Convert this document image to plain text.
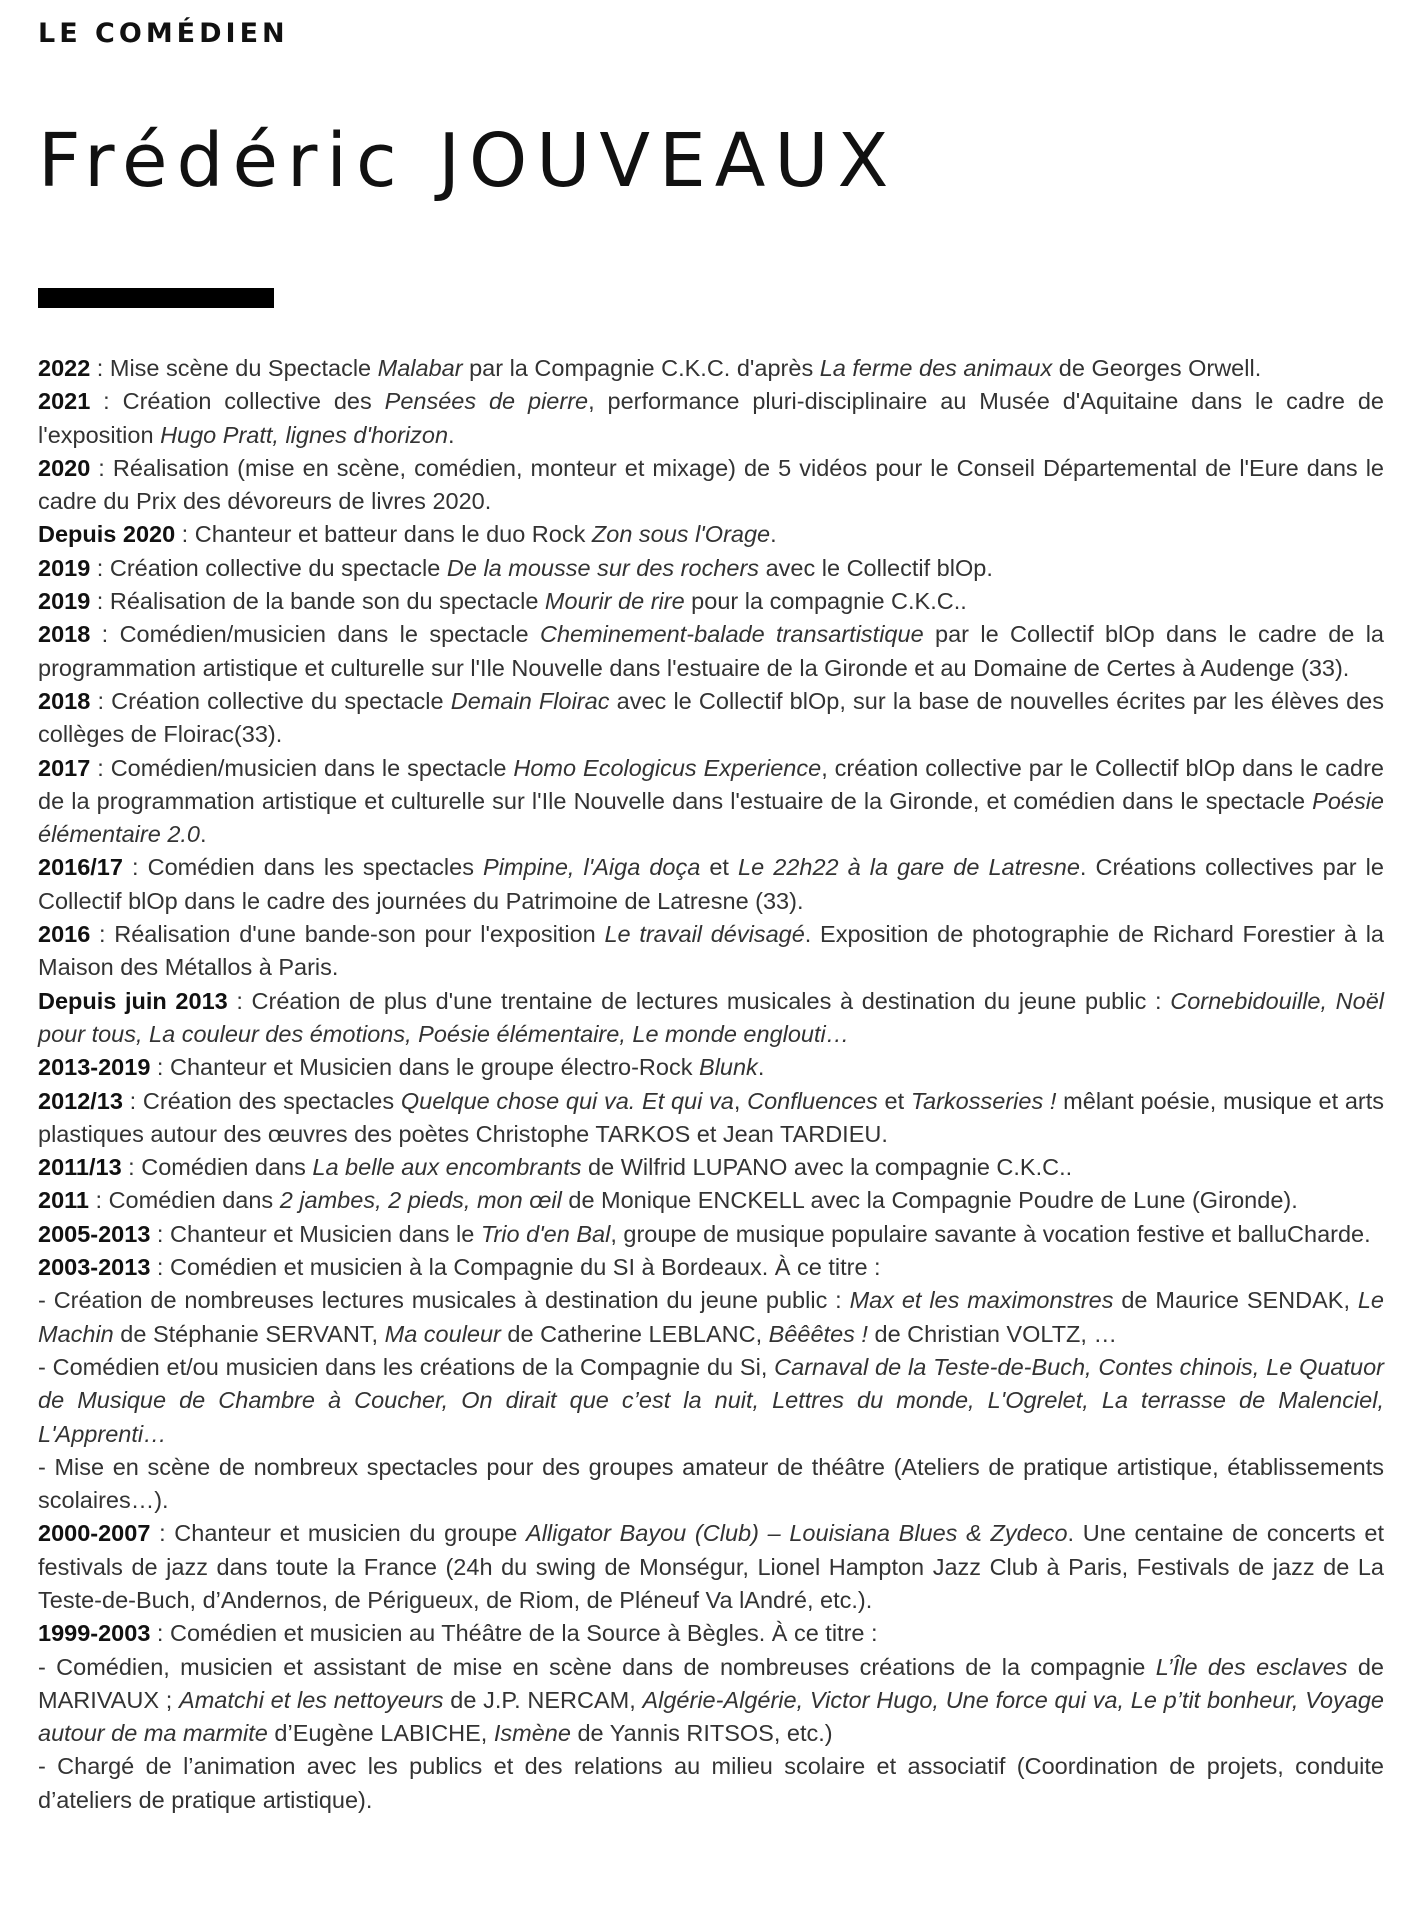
LE COMÉDIEN
Frédéric JOUVEAUX

2022 : Mise scène du Spectacle Malabar par la Compagnie C.K.C. d'après La ferme des animaux de Georges Orwell.

2021 : Création collective des Pensées de pierre, performance pluri-disciplinaire au Musée d'Aquitaine dans le cadre de l'exposition Hugo Pratt, lignes d'horizon.

2020 : Réalisation (mise en scène, comédien, monteur et mixage) de 5 vidéos pour le Conseil Départemental de l'Eure dans le cadre du Prix des dévoreurs de livres 2020.

Depuis 2020 : Chanteur et batteur dans le duo Rock Zon sous l'Orage.

2019 : Création collective du spectacle De la mousse sur des rochers avec le Collectif blOp.

2019 : Réalisation de la bande son du spectacle Mourir de rire pour la compagnie C.K.C..

2018 : Comédien/musicien dans le spectacle Cheminement-balade transartistique par le Collectif blOp dans le cadre de la programmation artistique et culturelle sur l'Ile Nouvelle dans l'estuaire de la Gironde et au Domaine de Certes à Audenge (33).

2018 : Création collective du spectacle Demain Floirac avec le Collectif blOp, sur la base de nouvelles écrites par les élèves des collèges de Floirac(33).

2017 : Comédien/musicien dans le spectacle Homo Ecologicus Experience, création collective par le Collectif blOp dans le cadre de la programmation artistique et culturelle sur l'Ile Nouvelle dans l'estuaire de la Gironde, et comédien dans le spectacle Poésie élémentaire 2.0.

2016/17 : Comédien dans les spectacles Pimpine, l'Aiga doça et Le 22h22 à la gare de Latresne. Créations collectives par le Collectif blOp dans le cadre des journées du Patrimoine de Latresne (33).

2016 : Réalisation d'une bande-son pour l'exposition Le travail dévisagé. Exposition de photographie de Richard Forestier à la Maison des Métallos à Paris.

Depuis juin 2013 : Création de plus d'une trentaine de lectures musicales à destination du jeune public : Cornebidouille, Noël pour tous, La couleur des émotions, Poésie élémentaire, Le monde englouti…

2013-2019 : Chanteur et Musicien dans le groupe électro-Rock Blunk.

2012/13 : Création des spectacles Quelque chose qui va. Et qui va, Confluences et Tarkosseries ! mêlant poésie, musique et arts plastiques autour des œuvres des poètes Christophe TARKOS et Jean TARDIEU.

2011/13 : Comédien dans La belle aux encombrants de Wilfrid LUPANO avec la compagnie C.K.C..

2011 : Comédien dans 2 jambes, 2 pieds, mon œil de Monique ENCKELL avec la Compagnie Poudre de Lune (Gironde).

2005-2013 : Chanteur et Musicien dans le Trio d'en Bal, groupe de musique populaire savante à vocation festive et balluCharde.

2003-2013 : Comédien et musicien à la Compagnie du SI à Bordeaux. À ce titre :

- Création de nombreuses lectures musicales à destination du jeune public : Max et les maximonstres de Maurice SENDAK, Le Machin de Stéphanie SERVANT, Ma couleur de Catherine LEBLANC, Bêêêtes ! de Christian VOLTZ, …

- Comédien et/ou musicien dans les créations de la Compagnie du Si, Carnaval de la Teste-de-Buch, Contes chinois, Le Quatuor de Musique de Chambre à Coucher, On dirait que c’est la nuit, Lettres du monde, L'Ogrelet, La terrasse de Malenciel, L'Apprenti…

- Mise en scène de nombreux spectacles pour des groupes amateur de théâtre (Ateliers de pratique artistique, établissements scolaires…).

2000-2007 : Chanteur et musicien du groupe Alligator Bayou (Club) – Louisiana Blues & Zydeco. Une centaine de concerts et festivals de jazz dans toute la France (24h du swing de Monségur, Lionel Hampton Jazz Club à Paris, Festivals de jazz de La Teste-de-Buch, d’Andernos, de Périgueux, de Riom, de Pléneuf Va lAndré, etc.).

1999-2003 : Comédien et musicien au Théâtre de la Source à Bègles. À ce titre :

- Comédien, musicien et assistant de mise en scène dans de nombreuses créations de la compagnie L’Île des esclaves de MARIVAUX ; Amatchi et les nettoyeurs de J.P. NERCAM, Algérie-Algérie, Victor Hugo, Une force qui va, Le p’tit bonheur, Voyage autour de ma marmite d’Eugène LABICHE, Ismène de Yannis RITSOS, etc.)

- Chargé de l’animation avec les publics et des relations au milieu scolaire et associatif (Coordination de projets, conduite d’ateliers de pratique artistique).
